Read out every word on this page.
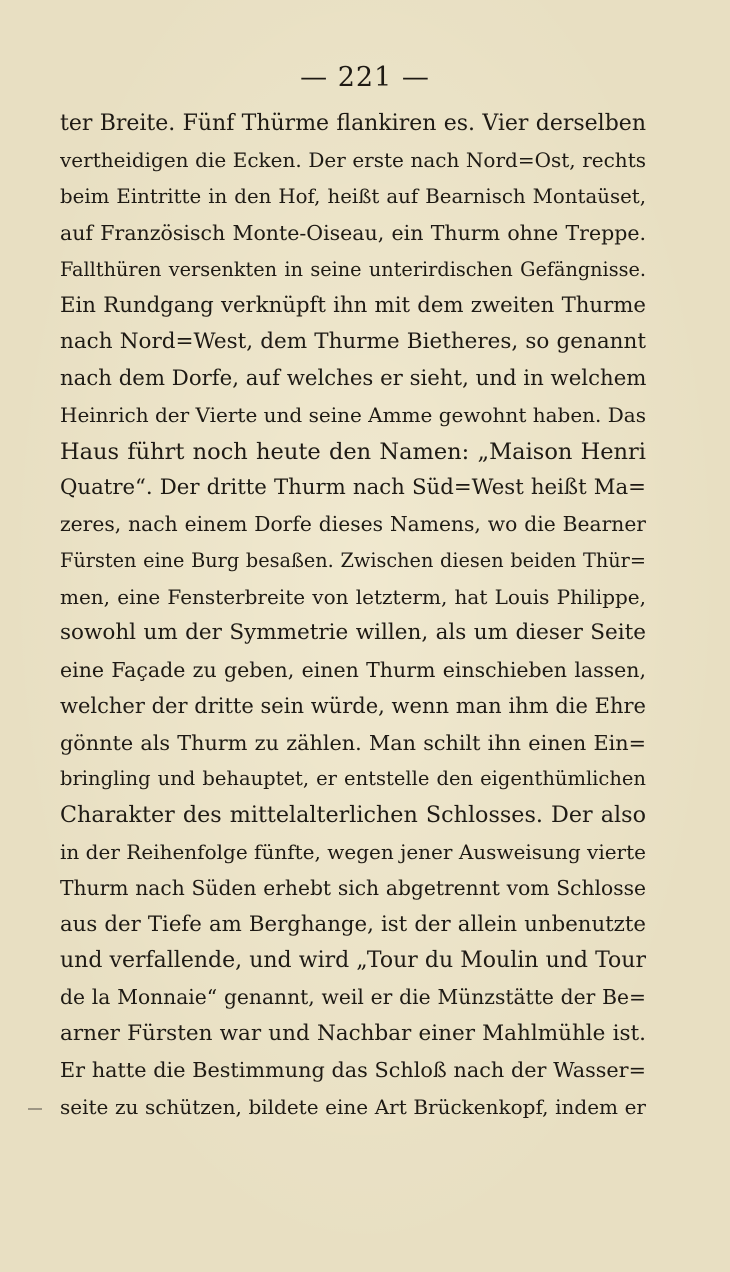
— 221 —
ter Breite. Fünf Thürme flankiren es. Vier derselben
vertheidigen die Ecken. Der erste nach Nord=Ost, rechts
beim Eintritte in den Hof, heißt auf Bearnisch Montaüset,
auf Französisch Monte-Oiseau, ein Thurm ohne Treppe.
Fallthüren versenkten in seine unterirdischen Gefängnisse.
Ein Rundgang verknüpft ihn mit dem zweiten Thurme
nach Nord=West, dem Thurme Bietheres, so genannt
nach dem Dorfe, auf welches er sieht, und in welchem
Heinrich der Vierte und seine Amme gewohnt haben. Das
Haus führt noch heute den Namen: „Maison Henri
Quatre“. Der dritte Thurm nach Süd=West heißt Ma=
zeres, nach einem Dorfe dieses Namens, wo die Bearner
Fürsten eine Burg besaßen. Zwischen diesen beiden Thür=
men, eine Fensterbreite von letzterm, hat Louis Philippe,
sowohl um der Symmetrie willen, als um dieser Seite
eine Façade zu geben, einen Thurm einschieben lassen,
welcher der dritte sein würde, wenn man ihm die Ehre
gönnte als Thurm zu zählen. Man schilt ihn einen Ein=
bringling und behauptet, er entstelle den eigenthümlichen
Charakter des mittelalterlichen Schlosses. Der also
in der Reihenfolge fünfte, wegen jener Ausweisung vierte
Thurm nach Süden erhebt sich abgetrennt vom Schlosse
aus der Tiefe am Berghange, ist der allein unbenutzte
und verfallende, und wird „Tour du Moulin und Tour
de la Monnaie“ genannt, weil er die Münzstätte der Be=
arner Fürsten war und Nachbar einer Mahlmühle ist.
Er hatte die Bestimmung das Schloß nach der Wasser=
seite zu schützen, bildete eine Art Brückenkopf, indem er
